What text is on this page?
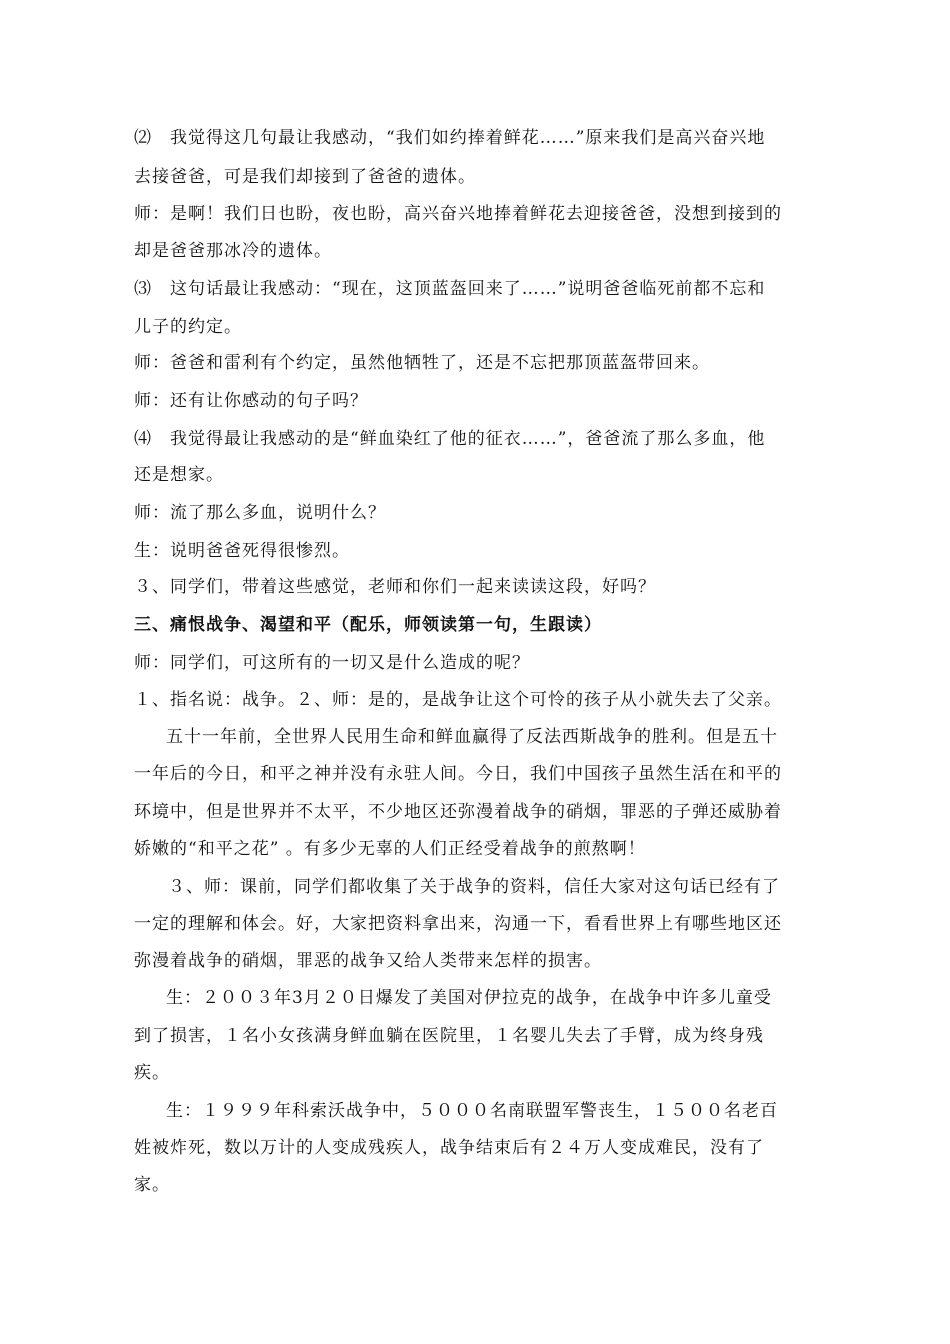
⑵　我觉得这几句最让我感动，“我们如约捧着鲜花……”原来我们是高兴奋兴地
去接爸爸，可是我们却接到了爸爸的遗体。
师：是啊！我们日也盼，夜也盼，高兴奋兴地捧着鲜花去迎接爸爸，没想到接到的
却是爸爸那冰冷的遗体。
⑶　这句话最让我感动：“现在，这顶蓝盔回来了……”说明爸爸临死前都不忘和
儿子的约定。
师：爸爸和雷利有个约定，虽然他牺牲了，还是不忘把那顶蓝盔带回来。
师：还有让你感动的句子吗？
⑷　我觉得最让我感动的是“鲜血染红了他的征衣……”，爸爸流了那么多血，他
还是想家。
师：流了那么多血，说明什么？
生：说明爸爸死得很惨烈。
３、同学们，带着这些感觉，老师和你们一起来读读这段，好吗？
三、痛恨战争、渴望和平（配乐，师领读第一句，生跟读）
师：同学们，可这所有的一切又是什么造成的呢？
１、指名说：战争。２、师：是的，是战争让这个可怜的孩子从小就失去了父亲。
五十一年前，全世界人民用生命和鲜血赢得了反法西斯战争的胜利。但是五十
一年后的今日，和平之神并没有永驻人间。今日，我们中国孩子虽然生活在和平的
环境中，但是世界并不太平，不少地区还弥漫着战争的硝烟，罪恶的子弹还威胁着
娇嫩的“和平之花” 。有多少无辜的人们正经受着战争的煎熬啊！
３、师：课前，同学们都收集了关于战争的资料，信任大家对这句话已经有了
一定的理解和体会。好，大家把资料拿出来，沟通一下，看看世界上有哪些地区还
弥漫着战争的硝烟，罪恶的战争又给人类带来怎样的损害。
生：２００３年3月２０日爆发了美国对伊拉克的战争，在战争中许多儿童受
到了损害，１名小女孩满身鲜血躺在医院里，１名婴儿失去了手臂，成为终身残
疾。
生：１９９９年科索沃战争中，５０００名南联盟军警丧生，１５００名老百
姓被炸死，数以万计的人变成残疾人，战争结束后有２４万人变成难民，没有了
家。
